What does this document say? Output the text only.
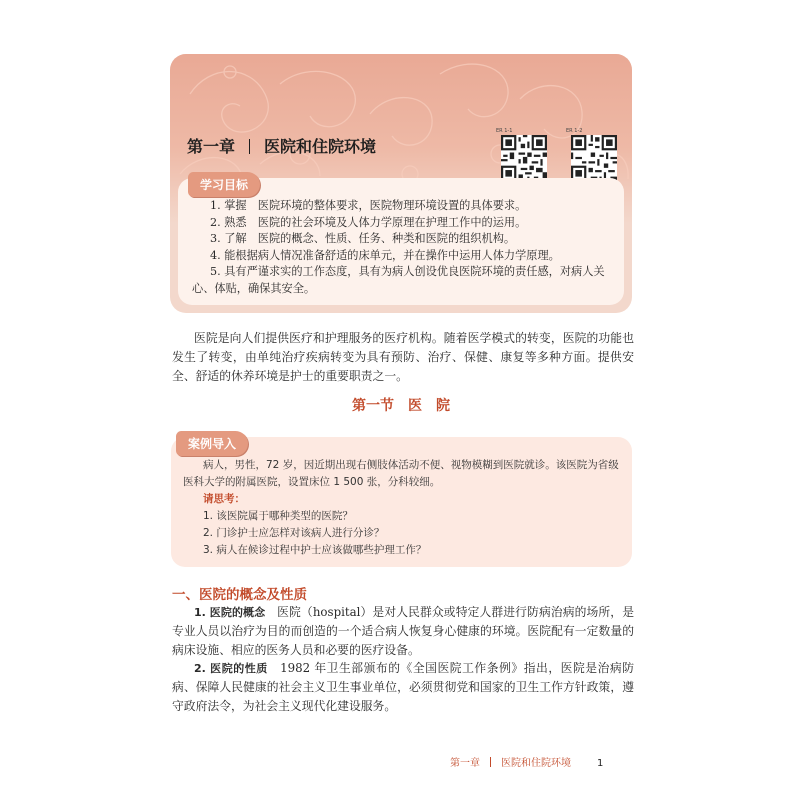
第一章 医院和住院环境
ER 1-1	ER 1-2
学习目标
1. 掌握　医院环境的整体要求，医院物理环境设置的具体要求。
2. 熟悉　医院的社会环境及人体力学原理在护理工作中的运用。
3. 了解　医院的概念、性质、任务、种类和医院的组织机构。
4. 能根据病人情况准备舒适的床单元，并在操作中运用人体力学原理。
5. 具有严谨求实的工作态度，具有为病人创设优良医院环境的责任感，对病人关心、体贴，确保其安全。

医院是向人们提供医疗和护理服务的医疗机构。随着医学模式的转变，医院的功能也发生了转变，由单纯治疗疾病转变为具有预防、治疗、保健、康复等多种方面。提供安全、舒适的休养环境是护士的重要职责之一。

第一节　医　院
案例导入
病人，男性，72 岁，因近期出现右侧肢体活动不便、视物模糊到医院就诊。该医院为省级医科大学的附属医院，设置床位 1 500 张，分科较细。
请思考：
1. 该医院属于哪种类型的医院？
2. 门诊护士应怎样对该病人进行分诊？
3. 病人在候诊过程中护士应该做哪些护理工作？
一、医院的概念及性质

1. 医院的概念　医院（hospital）是对人民群众或特定人群进行防病治病的场所，是专业人员以治疗为目的而创造的一个适合病人恢复身心健康的环境。医院配有一定数量的病床设施、相应的医务人员和必要的医疗设备。

2. 医院的性质　1982 年卫生部颁布的《全国医院工作条例》指出，医院是治病防病、保障人民健康的社会主义卫生事业单位，必须贯彻党和国家的卫生工作方针政策，遵守政府法令，为社会主义现代化建设服务。

第一章 医院和住院环境	1
